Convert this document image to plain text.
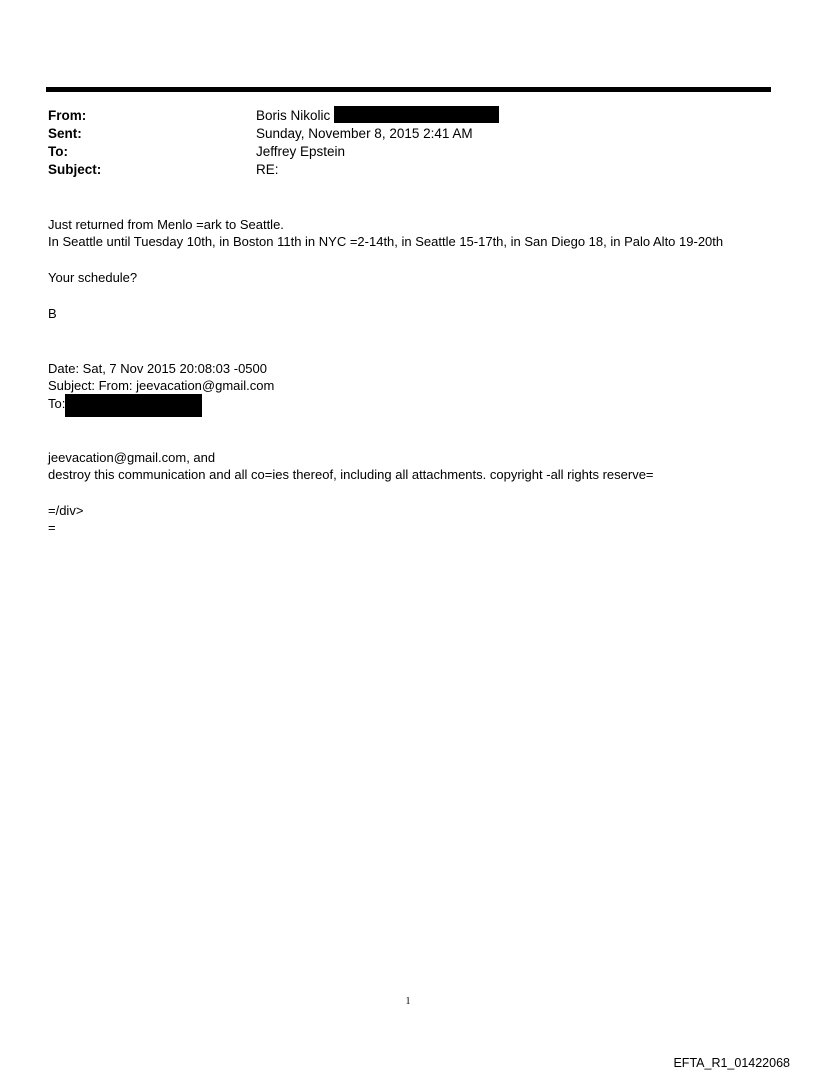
From:	Boris Nikolic
Sent:	Sunday, November 8, 2015 2:41 AM
To:	Jeffrey Epstein
Subject:	RE:
Just returned from Menlo =ark to Seattle.
In Seattle until Tuesday 10th, in Boston 11th in NYC =2-14th, in Seattle 15-17th, in San Diego 18, in Palo Alto 19-20th
Your schedule?
B
Date: Sat, 7 Nov 2015 20:08:03 -0500
Subject: From: jeevacation@gmail.com
To:
jeevacation@gmail.com, and
destroy this communication and all co=ies thereof, including all attachments. copyright -all rights reserve=
=/div>
=
1
EFTA_R1_01422068
